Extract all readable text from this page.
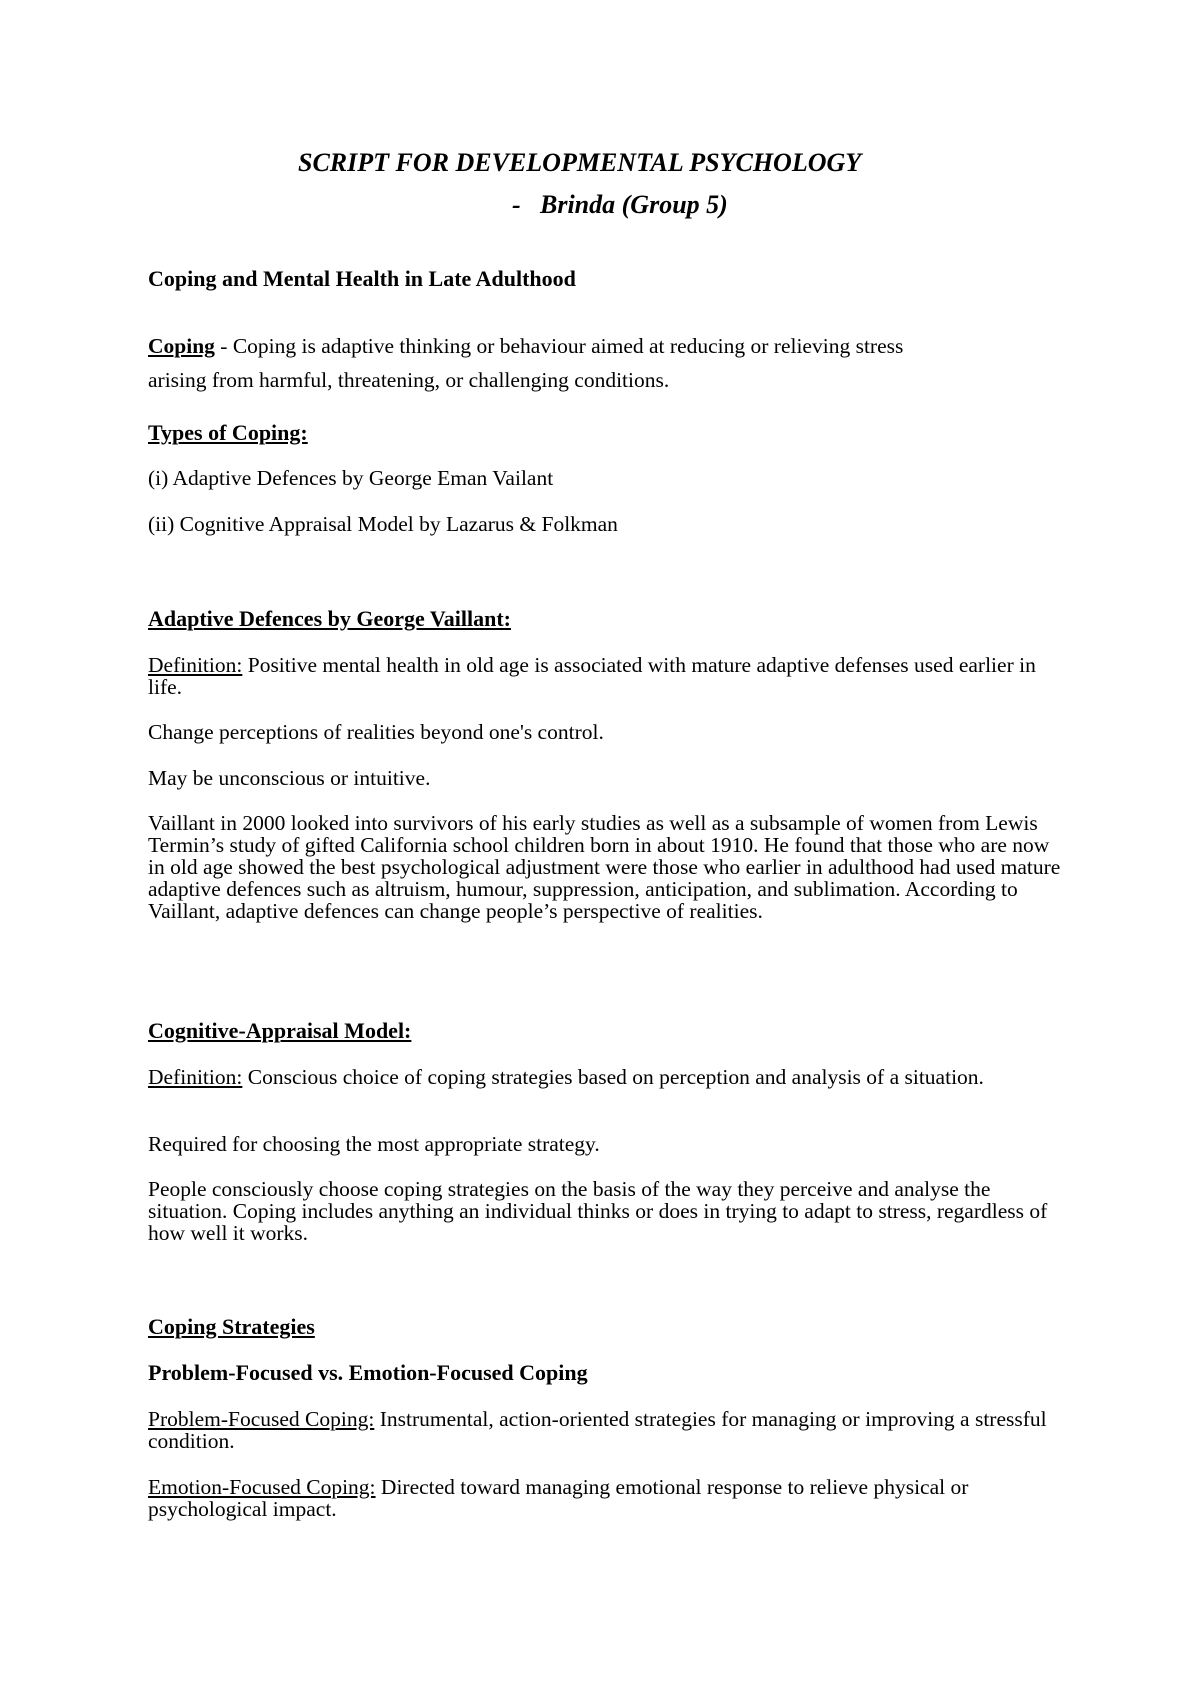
SCRIPT FOR DEVELOPMENTAL PSYCHOLOGY

- Brinda (Group 5)

Coping and Mental Health in Late Adulthood

Coping - Coping is adaptive thinking or behaviour aimed at reducing or relieving stress

arising from harmful, threatening, or challenging conditions.

Types of Coping:

(i) Adaptive Defences by George Eman Vailant

(ii) Cognitive Appraisal Model by Lazarus & Folkman

Adaptive Defences by George Vaillant:

Definition: Positive mental health in old age is associated with mature adaptive defenses used earlier in life.

Change perceptions of realities beyond one's control.

May be unconscious or intuitive.

Vaillant in 2000 looked into survivors of his early studies as well as a subsample of women from Lewis Termin’s study of gifted California school children born in about 1910. He found that those who are now in old age showed the best psychological adjustment were those who earlier in adulthood had used mature adaptive defences such as altruism, humour, suppression, anticipation, and sublimation. According to Vaillant, adaptive defences can change people’s perspective of realities.

Cognitive-Appraisal Model:

Definition: Conscious choice of coping strategies based on perception and analysis of a situation.

Required for choosing the most appropriate strategy.

People consciously choose coping strategies on the basis of the way they perceive and analyse the situation. Coping includes anything an individual thinks or does in trying to adapt to stress, regardless of how well it works.

Coping Strategies

Problem-Focused vs. Emotion-Focused Coping

Problem-Focused Coping: Instrumental, action-oriented strategies for managing or improving a stressful condition.

Emotion-Focused Coping: Directed toward managing emotional response to relieve physical or psychological impact.
